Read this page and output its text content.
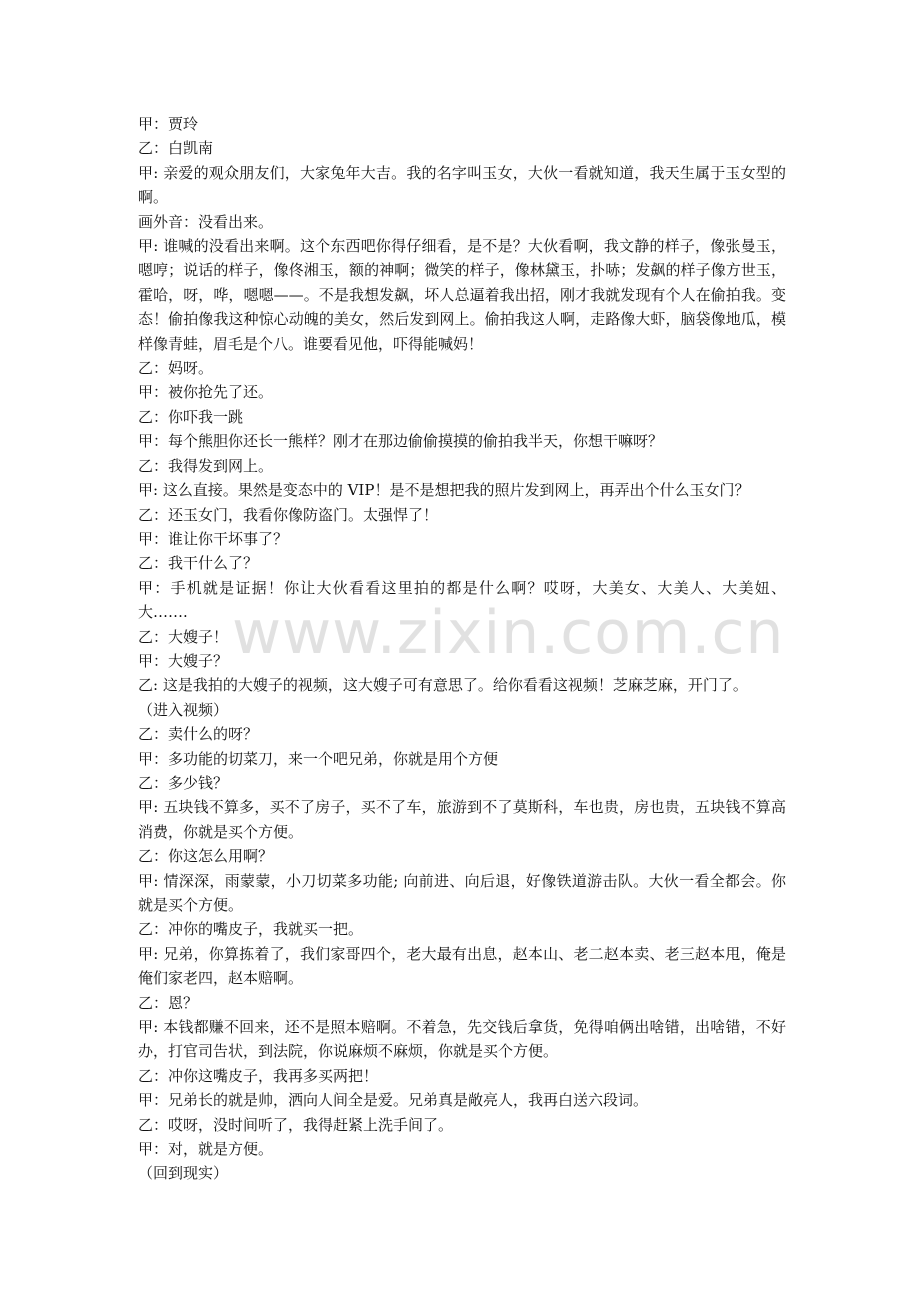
甲：贾玲

乙：白凯南

甲: 亲爱的观众朋友们，大家兔年大吉。我的名字叫玉女，大伙一看就知道，我天生属于玉女型的啊。

画外音：没看出来。

甲: 谁喊的没看出来啊。这个东西吧你得仔细看，是不是？大伙看啊，我文静的样子，像张曼玉，嗯哼；说话的样子，像佟湘玉，额的神啊；微笑的样子，像林黛玉，扑哧；发飙的样子像方世玉，霍哈，呀，哗，嗯嗯——。不是我想发飙，坏人总逼着我出招，刚才我就发现有个人在偷拍我。变态！偷拍像我这种惊心动魄的美女，然后发到网上。偷拍我这人啊，走路像大虾，脑袋像地瓜，模样像青蛙，眉毛是个八。谁要看见他，吓得能喊妈！

乙：妈呀。

甲：被你抢先了还。

乙：你吓我一跳

甲：每个熊胆你还长一熊样？刚才在那边偷偷摸摸的偷拍我半天，你想干嘛呀？

乙：我得发到网上。

甲: 这么直接。果然是变态中的 VIP！是不是想把我的照片发到网上，再弄出个什么玉女门？

乙：还玉女门，我看你像防盗门。太强悍了！

甲：谁让你干坏事了？

乙：我干什么了？

甲：手机就是证据！你让大伙看看这里拍的都是什么啊？哎呀，大美女、大美人、大美妞、大…….

乙：大嫂子！

甲：大嫂子？

乙: 这是我拍的大嫂子的视频，这大嫂子可有意思了。给你看看这视频！芝麻芝麻，开门了。

（进入视频）

乙：卖什么的呀？

甲：多功能的切菜刀，来一个吧兄弟，你就是用个方便

乙：多少钱？

甲: 五块钱不算多，买不了房子，买不了车，旅游到不了莫斯科，车也贵，房也贵，五块钱不算高消费，你就是买个方便。

乙：你这怎么用啊？

甲: 情深深，雨蒙蒙，小刀切菜多功能; 向前进、向后退，好像铁道游击队。大伙一看全都会。你就是买个方便。

乙：冲你的嘴皮子，我就买一把。

甲: 兄弟，你算拣着了，我们家哥四个，老大最有出息，赵本山、老二赵本卖、老三赵本甩，俺是俺们家老四，赵本赔啊。

乙：恩？

甲: 本钱都赚不回来，还不是照本赔啊。不着急，先交钱后拿货，免得咱俩出啥错，出啥错，不好办，打官司告状，到法院，你说麻烦不麻烦，你就是买个方便。

乙：冲你这嘴皮子，我再多买两把！

甲：兄弟长的就是帅，洒向人间全是爱。兄弟真是敞亮人，我再白送六段词。

乙：哎呀，没时间听了，我得赶紧上洗手间了。

甲：对，就是方便。

（回到现实）

www.zixin.com.cn
